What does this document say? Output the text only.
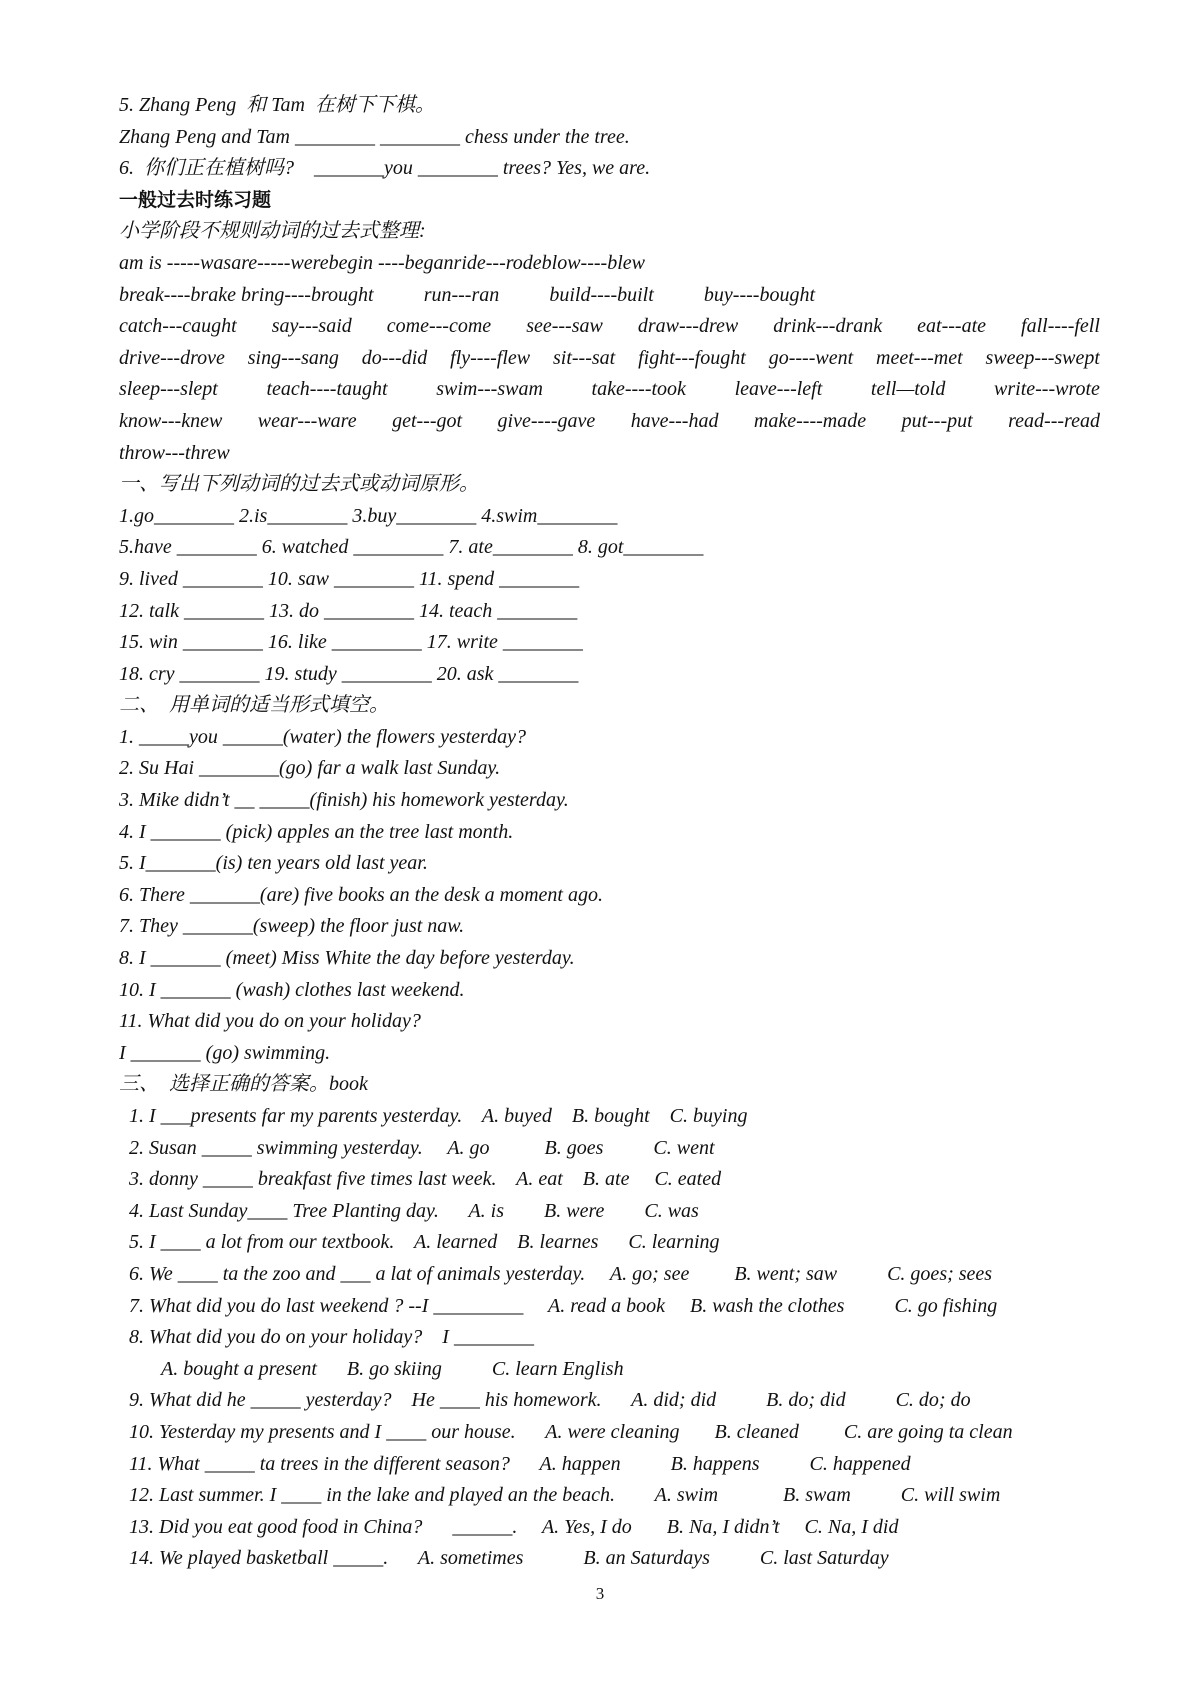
5. Zhang Peng  和 Tam  在树下下棋。
Zhang Peng and Tam ________ ________ chess under the tree.
6.  你们正在植树吗?    _______you ________ trees? Yes, we are.
一般过去时练习题
小学阶段不规则动词的过去式整理:
am is -----was are-----were begin ----began ride---rode blow----blew
break----brake bring----brought	run---ran	build----built	buy----bought
catch---caught say---said come---come see---saw draw---drew drink---drank eat---ate fall----fell
drive---drove sing---sang do---did fly----flew sit---sat fight---fought go----went meet---met sweep---swept
sleep---slept teach----taught swim---swam take----took leave---left tell—told write---wrote
know---knew wear---ware get---got give----gave have---had make----made put---put read---read
throw---threw
一、写出下列动词的过去式或动词原形。
1.go________ 2.is________ 3.buy________ 4.swim________
5.have ________ 6. watched _________ 7. ate________ 8. got________
9. lived ________ 10. saw ________ 11. spend ________
12. talk ________ 13. do _________ 14. teach ________
15. win ________ 16. like _________ 17. write ________
18. cry ________ 19. study _________ 20. ask ________
二、  用单词的适当形式填空。
1. _____you ______(water) the flowers yesterday?
2. Su Hai ________(go) far a walk last Sunday.
3. Mike didn’t __ _____(finish) his homework yesterday.
4. I _______ (pick) apples an the tree last month.
5. I_______(is) ten years old last year.
6. There _______(are) five books an the desk a moment ago.
7. They _______(sweep) the floor just naw.
8. I _______ (meet) Miss White the day before yesterday.
10. I _______ (wash) clothes last weekend.
11. What did you do on your holiday?
I _______ (go) swimming.
三、  选择正确的答案。book
1. I ___presents far my parents yesterday.    A. buyed    B. bought    C. buying
2. Susan _____ swimming yesterday.     A. go           B. goes          C. went
3. donny _____ breakfast five times last week.    A. eat    B. ate     C. eated
4. Last Sunday____ Tree Planting day.      A. is        B. were        C. was
5. I ____ a lot from our textbook.    A. learned    B. learnes      C. learning
6. We ____ ta the zoo and ___ a lat of animals yesterday.     A. go; see         B. went; saw          C. goes; sees
7. What did you do last weekend ? --I _________     A. read a book     B. wash the clothes          C. go fishing
8. What did you do on your holiday?    I ________
A. bought a present      B. go skiing          C. learn English
9. What did he _____ yesterday?    He ____ his homework.      A. did; did          B. do; did          C. do; do
10. Yesterday my presents and I ____ our house.      A. were cleaning       B. cleaned         C. are going ta clean
11. What _____ ta trees in the different season?      A. happen          B. happens          C. happened
12. Last summer. I ____ in the lake and played an the beach.        A. swim             B. swam          C. will swim
13. Did you eat good food in China?      ______.     A. Yes, I do       B. Na, I didn’t     C. Na, I did
14. We played basketball _____.      A. sometimes            B. an Saturdays          C. last Saturday
3
